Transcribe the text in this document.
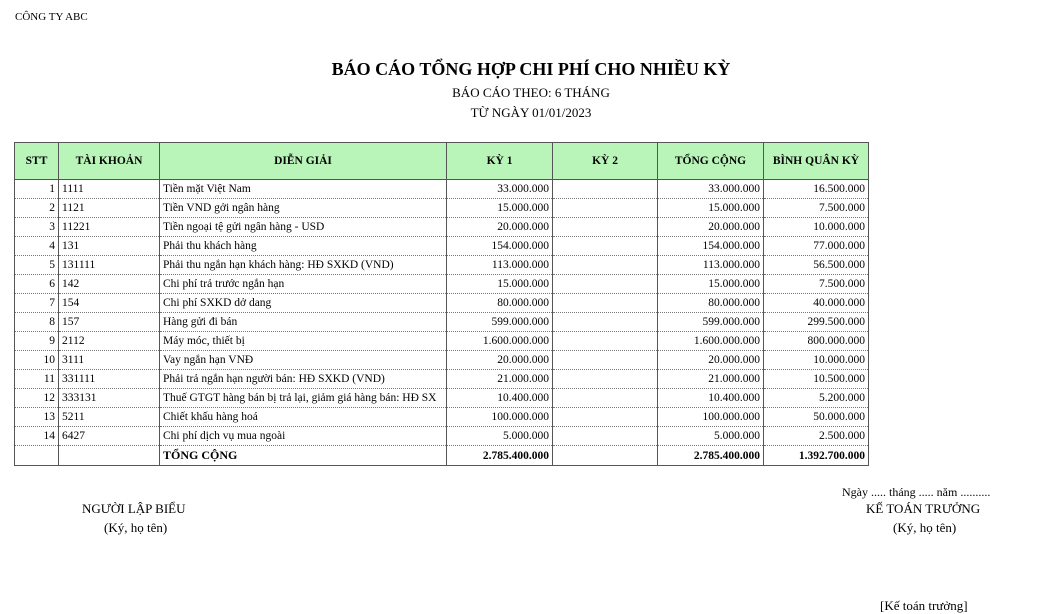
CÔNG TY ABC
BÁO CÁO TỔNG HỢP CHI PHÍ CHO NHIỀU KỲ
BÁO CÁO THEO: 6 THÁNG
TỪ NGÀY 01/01/2023
STT	TÀI KHOẢN	DIỄN GIẢI	KỲ 1	KỲ 2	TỔNG CỘNG	BÌNH QUÂN KỲ
1	1111	Tiền mặt Việt Nam	33.000.000		33.000.000	16.500.000
2	1121	Tiền VND gởi ngân hàng	15.000.000		15.000.000	7.500.000
3	11221	Tiền ngoại tệ gửi ngân hàng - USD	20.000.000		20.000.000	10.000.000
4	131	Phải thu khách hàng	154.000.000		154.000.000	77.000.000
5	131111	Phải thu ngắn hạn khách hàng: HĐ SXKD (VND)	113.000.000		113.000.000	56.500.000
6	142	Chi phí trả trước ngắn hạn	15.000.000		15.000.000	7.500.000
7	154	Chi phí SXKD dở dang	80.000.000		80.000.000	40.000.000
8	157	Hàng gửi đi bán	599.000.000		599.000.000	299.500.000
9	2112	Máy móc, thiết bị	1.600.000.000		1.600.000.000	800.000.000
10	3111	Vay ngắn hạn VNĐ	20.000.000		20.000.000	10.000.000
11	331111	Phải trả ngắn hạn người bán: HĐ SXKD (VND)	21.000.000		21.000.000	10.500.000
12	333131	Thuế GTGT hàng bán bị trả lại, giảm giá hàng bán: HĐ SX	10.400.000		10.400.000	5.200.000
13	5211	Chiết khấu hàng hoá	100.000.000		100.000.000	50.000.000
14	6427	Chi phí dịch vụ mua ngoài	5.000.000		5.000.000	2.500.000
		TỔNG CỘNG	2.785.400.000		2.785.400.000	1.392.700.000
Ngày ..... tháng ..... năm ..........
NGƯỜI LẬP BIỂU
(Ký, họ tên)
KẾ TOÁN TRƯỞNG
(Ký, họ tên)
[Kế toán trưởng]
